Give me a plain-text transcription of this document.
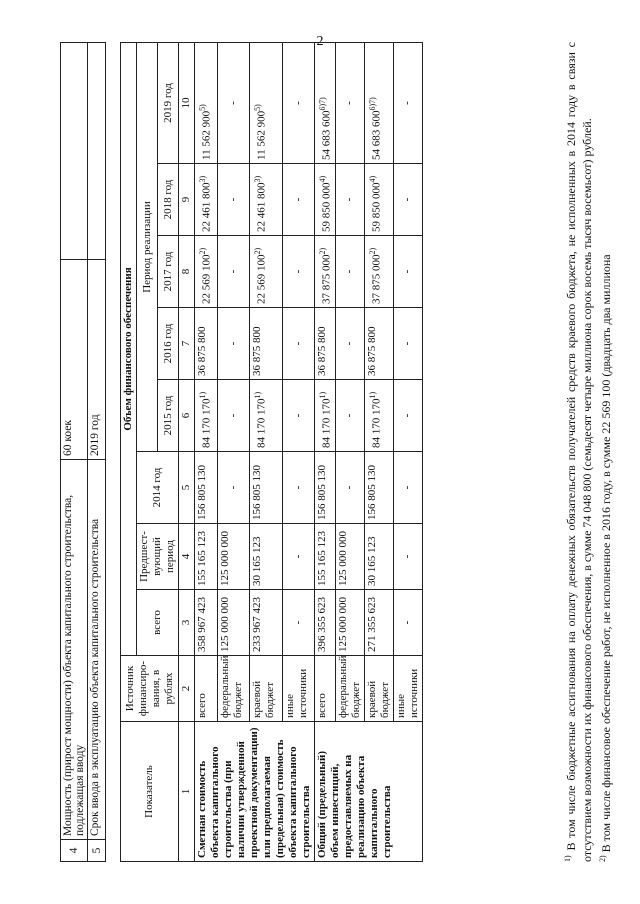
2
4	Мощность (прирост мощности) объекта капитального строительства, подлежащая вводу	60 коек	
5	Срок ввода в эксплуатацию объекта капитального строительства	2019 год	
Показатель	Источник финансиро-вания, в рублях	Объем финансового обеспечения							
		всего	Предшест-вующий период	2014 год	Период реализации				
					2015 год	2016 год	2017 год	2018 год	2019 год
1	2	3	4	5	6	7	8	9	10
Сметная стоимость объекта капитального строительства (при наличии утвержденной проектной документации) или предполагаемая (предельная) стоимость объекта капитального строительства	всего	358 967 423	155 165 123	156 805 130	84 170 170$^{1)}$	36 875 800	22 569 100$^{2)}$	22 461 800$^{3)}$	11 562 900$^{5)}$
	федеральный бюджет	125 000 000	125 000 000	-	-	-	-	-	-
	краевой бюджет	233 967 423	30 165 123	156 805 130	84 170 170$^{1)}$	36 875 800	22 569 100$^{2)}$	22 461 800$^{3)}$	11 562 900$^{5)}$
	иные источники	-	-	-	-	-	-	-	-
Общий (предельный) объем инвестиций, предоставляемых на реализацию объекта капитального строительства	всего	396 355 623	155 165 123	156 805 130	84 170 170$^{1)}$	36 875 800	37 875 000$^{2)}$	59 850 000$^{4)}$	54 683 $600^{6)7)}$
	федеральный бюджет	125 000 000	125 000 000	-	-	-	-	-	-
	краевой бюджет	271 355 623	30 165 123	156 805 130	84 170 170$^{1)}$	36 875 800	37 875 000$^{2)}$	59 850 000$^{4)}$	54 683 $600^{6)7)}$
	иные источники	-	-	-	-	-	-	-	-

$^{1)}$ В том числе бюджетные ассигнования на оплату денежных обязательств получателей средств краевого бюджета, не исполненных в 2014 году в связи с отсутствием возможности их финансового обеспечения, в сумме 74 048 800 (семьдесят четыре миллиона сорок восемь тысяч восемьсот) рублей. $^{2)}$ В том числе финансовое обеспечение работ, не исполненное в 2016 году, в сумме 22 569 100 (двадцать два миллиона
